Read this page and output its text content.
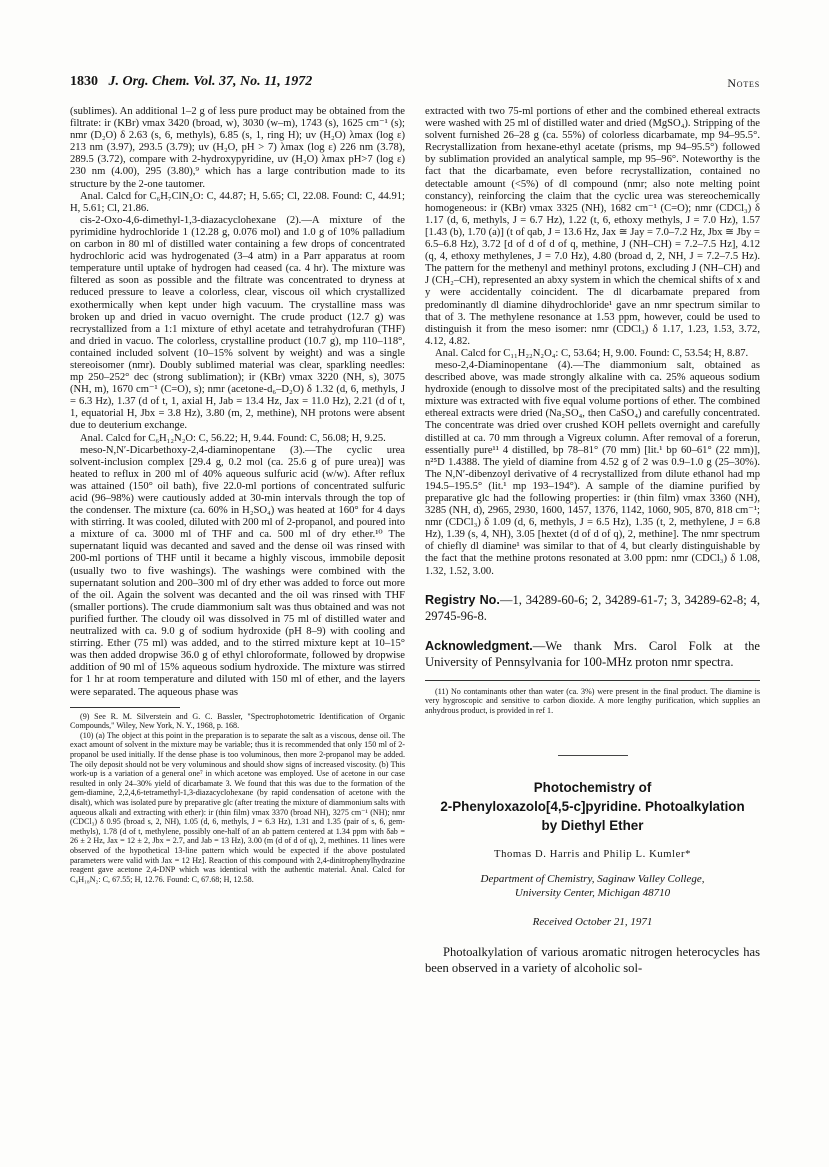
1830 J. Org. Chem. Vol. 37, No. 11, 1972	Notes

(sublimes). An additional 1–2 g of less pure product may be obtained from the filtrate: ir (KBr) νmax 3420 (broad, w), 3030 (w–m), 1743 (s), 1625 cm⁻¹ (s); nmr (D₂O) δ 2.63 (s, 6, methyls), 6.85 (s, 1, ring H); uv (H₂O) λmax (log ε) 213 nm (3.97), 293.5 (3.79); uv (H₂O, pH > 7) λmax (log ε) 226 nm (3.78), 289.5 (3.72), compare with 2-hydroxypyridine, uv (H₂O) λmax pH>7 (log ε) 230 nm (4.00), 295 (3.80),⁹ which has a large contribution made to its structure by the 2-one tautomer.

Anal. Calcd for C₆H₇ClN₂O: C, 44.87; H, 5.65; Cl, 22.08. Found: C, 44.91; H, 5.61; Cl, 21.86.

cis-2-Oxo-4,6-dimethyl-1,3-diazacyclohexane (2).—A mixture of the pyrimidine hydrochloride 1 (12.28 g, 0.076 mol) and 1.0 g of 10% palladium on carbon in 80 ml of distilled water containing a few drops of concentrated hydrochloric acid was hydrogenated (3–4 atm) in a Parr apparatus at room temperature until uptake of hydrogen had ceased (ca. 4 hr). The mixture was filtered as soon as possible and the filtrate was concentrated to dryness at reduced pressure to leave a colorless, clear, viscous oil which crystallized exothermically when kept under high vacuum. The crystalline mass was broken up and dried in vacuo overnight. The crude product (12.7 g) was recrystallized from a 1:1 mixture of ethyl acetate and tetrahydrofuran (THF) and dried in vacuo. The colorless, crystalline product (10.7 g), mp 110–118°, contained included solvent (10–15% solvent by weight) and was a single stereoisomer (nmr). Doubly sublimed material was clear, sparkling needles: mp 250–252° dec (strong sublimation); ir (KBr) νmax 3220 (NH, s), 3075 (NH, m), 1670 cm⁻¹ (C=O), s); nmr (acetone-d₆–D₂O) δ 1.32 (d, 6, methyls, J = 6.3 Hz), 1.37 (d of t, 1, axial H, Jab = 13.4 Hz, Jax = 11.0 Hz), 2.21 (d of t, 1, equatorial H, Jbx = 3.8 Hz), 3.80 (m, 2, methine), NH protons were absent due to deuterium exchange.

Anal. Calcd for C₆H₁₂N₂O: C, 56.22; H, 9.44. Found: C, 56.08; H, 9.25.

meso-N,N′-Dicarbethoxy-2,4-diaminopentane (3).—The cyclic urea solvent-inclusion complex [29.4 g, 0.2 mol (ca. 25.6 g of pure urea)] was heated to reflux in 200 ml of 40% aqueous sulfuric acid (w/w). After reflux was attained (150° oil bath), five 22.0-ml portions of concentrated sulfuric acid (96–98%) were cautiously added at 30-min intervals through the top of the condenser. The mixture (ca. 60% in H₂SO₄) was heated at 160° for 4 days with stirring. It was cooled, diluted with 200 ml of 2-propanol, and poured into a mixture of ca. 3000 ml of THF and ca. 500 ml of dry ether.¹⁰ The supernatant liquid was decanted and saved and the dense oil was rinsed with 200-ml portions of THF until it became a highly viscous, immobile deposit (usually two to five washings). The washings were combined with the supernatant solution and 200–300 ml of dry ether was added to force out more of the oil. Again the solvent was decanted and the oil was rinsed with THF (smaller portions). The crude diammonium salt was thus obtained and was not purified further. The cloudy oil was dissolved in 75 ml of distilled water and neutralized with ca. 9.0 g of sodium hydroxide (pH 8–9) with cooling and stirring. Ether (75 ml) was added, and to the stirred mixture kept at 10–15° was then added dropwise 36.0 g of ethyl chloroformate, followed by dropwise addition of 90 ml of 15% aqueous sodium hydroxide. The mixture was stirred for 1 hr at room temperature and diluted with 150 ml of ether, and the layers were separated. The aqueous phase was

(9) See R. M. Silverstein and G. C. Bassler, "Spectrophotometric Identification of Organic Compounds," Wiley, New York, N. Y., 1968, p. 168.

(10) (a) The object at this point in the preparation is to separate the salt as a viscous, dense oil. The exact amount of solvent in the mixture may be variable; thus it is recommended that only 150 ml of 2-propanol be used initially. If the dense phase is too voluminous, then more 2-propanol may be added. The oily deposit should not be very voluminous and should show signs of increased viscosity. (b) This work-up is a variation of a general one⁷ in which acetone was employed. Use of acetone in our case resulted in only 24–30% yield of dicarbamate 3. We found that this was due to the formation of the gem-diamine, 2,2,4,6-tetramethyl-1,3-diazacyclohexane (by rapid condensation of acetone with the disalt), which was isolated pure by preparative glc (after treating the mixture of diammonium salts with aqueous alkali and extracting with ether): ir (thin film) νmax 3370 (broad NH), 3275 cm⁻¹ (NH); nmr (CDCl₃) δ 0.95 (broad s, 2, NH), 1.05 (d, 6, methyls, J = 6.3 Hz), 1.31 and 1.35 (pair of s, 6, gem-methyls), 1.78 (d of t, methylene, possibly one-half of an ab pattern centered at 1.34 ppm with δab = 26 ± 2 Hz, Jax = 12 ± 2, Jbx = 2.7, and Jab = 13 Hz), 3.00 (m (d of d of q), 2, methines. 11 lines were observed of the hypothetical 13-line pattern which would be expected if the above postulated parameters were valid with Jax = 12 Hz]. Reaction of this compound with 2,4-dinitrophenylhydrazine reagent gave acetone 2,4-DNP which was identical with the authentic material. Anal. Calcd for C₈H₁₈N₂: C, 67.55; H, 12.76. Found: C, 67.68; H, 12.58.

extracted with two 75-ml portions of ether and the combined ethereal extracts were washed with 25 ml of distilled water and dried (MgSO₄). Stripping of the solvent furnished 26–28 g (ca. 55%) of colorless dicarbamate, mp 94–95.5°. Recrystallization from hexane-ethyl acetate (prisms, mp 94–95.5°) followed by sublimation provided an analytical sample, mp 95–96°. Noteworthy is the fact that the dicarbamate, even before recrystallization, contained no detectable amount (<5%) of dl compound (nmr; also note melting point constancy), reinforcing the claim that the cyclic urea was stereochemically homogeneous: ir (KBr) νmax 3325 (NH), 1682 cm⁻¹ (C=O); nmr (CDCl₃) δ 1.17 (d, 6, methyls, J = 6.7 Hz), 1.22 (t, 6, ethoxy methyls, J = 7.0 Hz), 1.57 [1.43 (b), 1.70 (a)] (t of qab, J = 13.6 Hz, Jax ≅ Jay = 7.0–7.2 Hz, Jbx ≅ Jby = 6.5–6.8 Hz), 3.72 [d of d of d of q, methine, J (NH–CH) = 7.2–7.5 Hz], 4.12 (q, 4, ethoxy methylenes, J = 7.0 Hz), 4.80 (broad d, 2, NH, J = 7.2–7.5 Hz). The pattern for the methenyl and methinyl protons, excluding J (NH–CH) and J (CH₂–CH), represented an abxy system in which the chemical shifts of x and y were accidentally coincident. The dl dicarbamate prepared from predominantly dl diamine dihydrochloride¹ gave an nmr spectrum similar to that of 3. The methylene resonance at 1.53 ppm, however, could be used to distinguish it from the meso isomer: nmr (CDCl₃) δ 1.17, 1.23, 1.53, 3.72, 4.12, 4.82.

Anal. Calcd for C₁₁H₂₂N₂O₄: C, 53.64; H, 9.00. Found: C, 53.54; H, 8.87.

meso-2,4-Diaminopentane (4).—The diammonium salt, obtained as described above, was made strongly alkaline with ca. 25% aqueous sodium hydroxide (enough to dissolve most of the precipitated salts) and the resulting mixture was extracted with five equal volume portions of ether. The combined ethereal extracts were dried (Na₂SO₄, then CaSO₄) and carefully concentrated. The concentrate was dried over crushed KOH pellets overnight and carefully distilled at ca. 70 mm through a Vigreux column. After removal of a forerun, essentially pure¹¹ 4 distilled, bp 78–81° (70 mm) [lit.¹ bp 60–61° (22 mm)], n²⁵D 1.4388. The yield of diamine from 4.52 g of 2 was 0.9–1.0 g (25–30%). The N,N′-dibenzoyl derivative of 4 recrystallized from dilute ethanol had mp 194.5–195.5° (lit.¹ mp 193–194°). A sample of the diamine purified by preparative glc had the following properties: ir (thin film) νmax 3360 (NH), 3285 (NH, d), 2965, 2930, 1600, 1457, 1376, 1142, 1060, 905, 870, 818 cm⁻¹; nmr (CDCl₃) δ 1.09 (d, 6, methyls, J = 6.5 Hz), 1.35 (t, 2, methylene, J = 6.8 Hz), 1.39 (s, 4, NH), 3.05 [hextet (d of d of q), 2, methine]. The nmr spectrum of chiefly dl diamine¹ was similar to that of 4, but clearly distinguishable by the fact that the methine protons resonated at 3.00 ppm: nmr (CDCl₃) δ 1.08, 1.32, 1.52, 3.00.

Registry No.—1, 34289-60-6; 2, 34289-61-7; 3, 34289-62-8; 4, 29745-96-8.
Acknowledgment.—We thank Mrs. Carol Folk at the University of Pennsylvania for 100-MHz proton nmr spectra.

(11) No contaminants other than water (ca. 3%) were present in the final product. The diamine is very hygroscopic and sensitive to carbon dioxide. A more lengthy purification, which supplies an anhydrous product, is provided in ref 1.

Photochemistry of
2-Phenyloxazolo[4,5-c]pyridine. Photoalkylation
by Diethyl Ether
Thomas D. Harris and Philip L. Kumler*
Department of Chemistry, Saginaw Valley College,
University Center, Michigan 48710
Received October 21, 1971

Photoalkylation of various aromatic nitrogen heterocycles has been observed in a variety of alcoholic sol-
